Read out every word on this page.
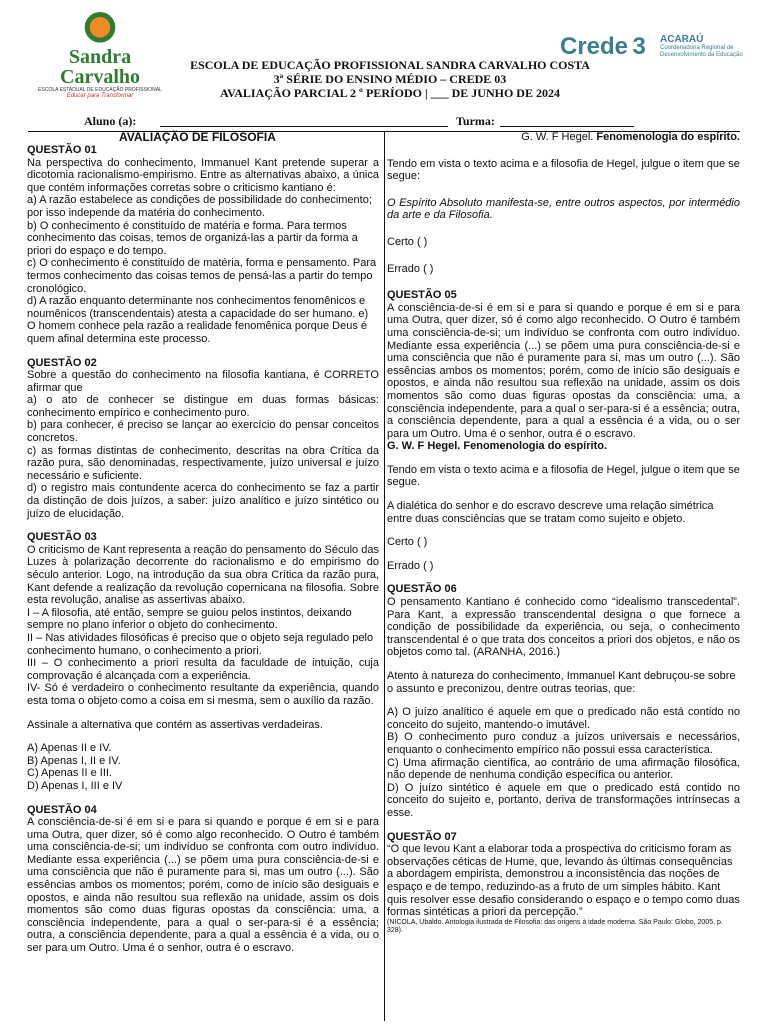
Sandra Carvalho
ESCOLA ESTADUAL DE EDUCAÇÃO PROFISSIONAL
Educar para Transformar
Crede 3 ACARAÚ
Coordenadoria Regional de Desenvolvimento da Educação
ESCOLA DE EDUCAÇÃO PROFISSIONAL SANDRA CARVALHO COSTA
3ª SÉRIE DO ENSINO MÉDIO – CREDE 03
AVALIAÇÃO PARCIAL 2 º PERÍODO | ___ DE JUNHO DE 2024
Aluno (a):	Turma:

AVALIAÇÃO DE FILOSOFIA

QUESTÃO 01

Na perspectiva do conhecimento, Immanuel Kant pretende superar a dicotomia racionalismo-empirismo. Entre as alternativas abaixo, a única que contém informações corretas sobre o criticismo kantiano é:

a) A razão estabelece as condições de possibilidade do conhecimento; por isso independe da matéria do conhecimento.

b) O conhecimento é constituído de matéria e forma. Para termos conhecimento das coisas, temos de organizá-las a partir da forma a priori do espaço e do tempo.

c) O conhecimento é constituído de matéria, forma e pensamento. Para termos conhecimento das coisas temos de pensá-las a partir do tempo cronológico.

d) A razão enquanto determinante nos conhecimentos fenomênicos e noumênicos (transcendentais) atesta a capacidade do ser humano. e) O homem conhece pela razão a realidade fenomênica porque Deus é quem afinal determina este processo.

QUESTÃO 02

Sobre a questão do conhecimento na filosofia kantiana, é CORRETO afirmar que

a) o ato de conhecer se distingue em duas formas básicas: conhecimento empírico e conhecimento puro.

b) para conhecer, é preciso se lançar ao exercício do pensar conceitos concretos.

c) as formas distintas de conhecimento, descritas na obra Crítica da razão pura, são denominadas, respectivamente, juízo universal e juízo necessário e suficiente.

d) o registro mais contundente acerca do conhecimento se faz a partir da distinção de dois juízos, a saber: juízo analítico e juízo sintético ou juízo de elucidação.

QUESTÃO 03

O criticismo de Kant representa a reação do pensamento do Século das Luzes à polarização decorrente do racionalismo e do empirismo do século anterior. Logo, na introdução da sua obra Crítica da razão pura, Kant defende a realização da revolução copernicana na filosofia. Sobre esta revolução, analise as assertivas abaixo.

I – A filosofia, até então, sempre se guiou pelos instintos, deixando sempre no plano inferior o objeto do conhecimento.

II – Nas atividades filosóficas é preciso que o objeto seja regulado pelo conhecimento humano, o conhecimento a priori.

III – O conhecimento a priori resulta da faculdade de intuição, cuja comprovação é alcançada com a experiência.

IV- Só é verdadeiro o conhecimento resultante da experiência, quando esta toma o objeto como a coisa em si mesma, sem o auxílio da razão.

Assinale a alternativa que contém as assertivas verdadeiras.

A) Apenas II e IV.

B) Apenas I, II e IV.

C) Apenas II e III.

D) Apenas I, III e IV

QUESTÃO 04

A consciência-de-si é em si e para si quando e porque é em si e para uma Outra, quer dizer, só é como algo reconhecido. O Outro é também uma consciência-de-si; um indivíduo se confronta com outro indivíduo. Mediante essa experiência (...) se põem uma pura consciência-de-si e uma consciência que não é puramente para si, mas um outro (...). São essências ambos os momentos; porém, como de início são desiguais e opostos, e ainda não resultou sua reflexão na unidade, assim os dois momentos são como duas figuras opostas da consciência: uma, a consciência independente, para a qual o ser-para-si é a essência; outra, a consciência dependente, para a qual a essência é a vida, ou o ser para um Outro. Uma é o senhor, outra é o escravo.

G. W. F Hegel. Fenomenologia do espírito.

Tendo em vista o texto acima e a filosofia de Hegel, julgue o item que se segue:

O Espírito Absoluto manifesta-se, entre outros aspectos, por intermédio da arte e da Filosofia.

Certo ( )

Errado ( )

QUESTÃO 05

A consciência-de-si é em si e para si quando e porque é em si e para uma Outra, quer dizer, só é como algo reconhecido. O Outro é também uma consciência-de-si; um indivíduo se confronta com outro indivíduo. Mediante essa experiência (...) se põem uma pura consciência-de-si e uma consciência que não é puramente para si, mas um outro (...). São essências ambos os momentos; porém, como de início são desiguais e opostos, e ainda não resultou sua reflexão na unidade, assim os dois momentos são como duas figuras opostas da consciência: uma, a consciência independente, para a qual o ser-para-si é a essência; outra, a consciência dependente, para a qual a essência é a vida, ou o ser para um Outro. Uma é o senhor, outra é o escravo.

G. W. F Hegel. Fenomenologia do espírito.

Tendo em vista o texto acima e a filosofia de Hegel, julgue o item que se segue.

A dialética do senhor e do escravo descreve uma relação simétrica entre duas consciências que se tratam como sujeito e objeto.

Certo ( )

Errado ( )

QUESTÃO 06

O pensamento Kantiano é conhecido como “idealismo transcedental”. Para Kant, a expressão transcendental designa o que fornece a condição de possibilidade da experiência, ou seja, o conhecimento transcendental é o que trata dos conceitos a priori dos objetos, e não os objetos como tal. (ARANHA, 2016.)

Atento à natureza do conhecimento, Immanuel Kant debruçou-se sobre o assunto e preconizou, dentre outras teorias, que:

A) O juízo analítico é aquele em que o predicado não está contido no conceito do sujeito, mantendo-o imutável.

B) O conhecimento puro conduz a juízos universais e necessários, enquanto o conhecimento empírico não possui essa característica.

C) Uma afirmação científica, ao contrário de uma afirmação filosófica, não depende de nenhuma condição específica ou anterior.

D) O juízo sintético é aquele em que o predicado está contido no conceito do sujeito e, portanto, deriva de transformações intrínsecas a esse.

QUESTÃO 07

“O que levou Kant a elaborar toda a prospectiva do criticismo foram as observações céticas de Hume, que, levando às últimas consequências a abordagem empirista, demonstrou a inconsistência das noções de espaço e de tempo, reduzindo-as a fruto de um simples hábito. Kant quis resolver esse desafio considerando o espaço e o tempo como duas formas sintéticas a priori da percepção.”

(NICOLA, Ubaldo. Antologia ilustrada de Filosofia: das origens à idade moderna. São Paulo: Globo, 2005, p. 328).
